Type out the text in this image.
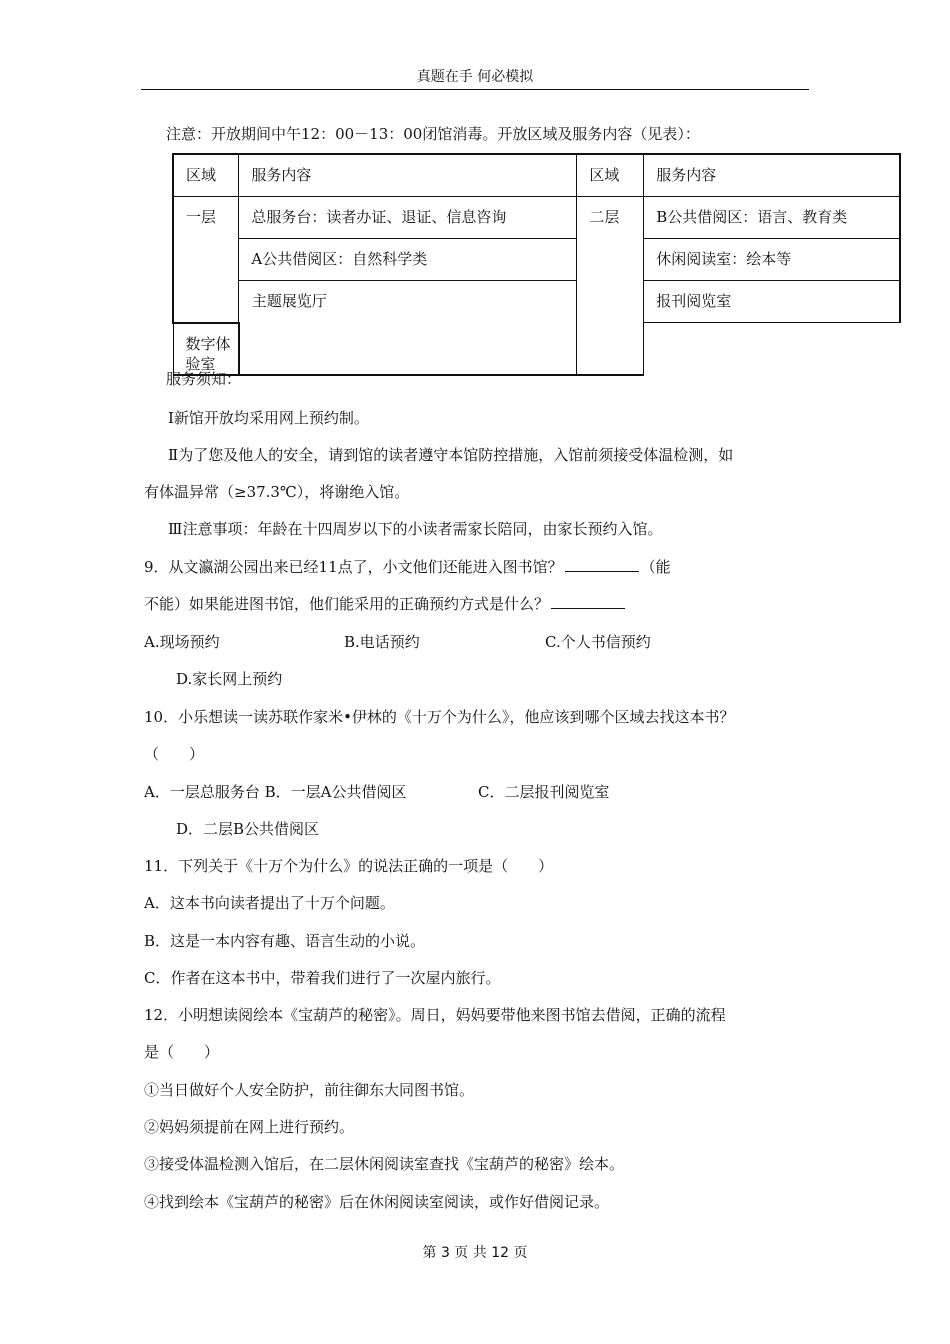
真题在手 何必模拟
注意：开放期间中午12：00－13：00闭馆消毒。开放区域及服务内容（见表）：
区域	服务内容	区域	服务内容
一层	总服务台：读者办证、退证、信息咨询	二层	B公共借阅区：语言、教育类
	A公共借阅区：自然科学类		休闲阅读室：绘本等
	主题展览厅		报刊阅览室
数字体验室			
服务须知：
Ⅰ新馆开放均采用网上预约制。
Ⅱ为了您及他人的安全，请到馆的读者遵守本馆防控措施，入馆前须接受体温检测，如
有体温异常（≥37.3℃），将谢绝入馆。
Ⅲ注意事项：年龄在十四周岁以下的小读者需家长陪同，由家长预约入馆。
9．从文瀛湖公园出来已经11点了，小文他们还能进入图书馆？	（能
不能）如果能进图书馆，他们能采用的正确预约方式是什么？
A.现场预约	B.电话预约	C.个人书信预约
D.家长网上预约
10．小乐想读一读苏联作家米•伊林的《十万个为什么》，他应该到哪个区域去找这本书？
（　　）
A．一层总服务台 B．一层A公共借阅区	C．二层报刊阅览室
D．二层B公共借阅区
11．下列关于《十万个为什么》的说法正确的一项是（　　）
A．这本书向读者提出了十万个问题。
B．这是一本内容有趣、语言生动的小说。
C．作者在这本书中，带着我们进行了一次屋内旅行。
12．小明想读阅绘本《宝葫芦的秘密》。周日，妈妈要带他来图书馆去借阅，正确的流程
是（　　）
①当日做好个人安全防护，前往御东大同图书馆。
②妈妈须提前在网上进行预约。
③接受体温检测入馆后，在二层休闲阅读室查找《宝葫芦的秘密》绘本。
④找到绘本《宝葫芦的秘密》后在休闲阅读室阅读，或作好借阅记录。
第 3 页 共 12 页
